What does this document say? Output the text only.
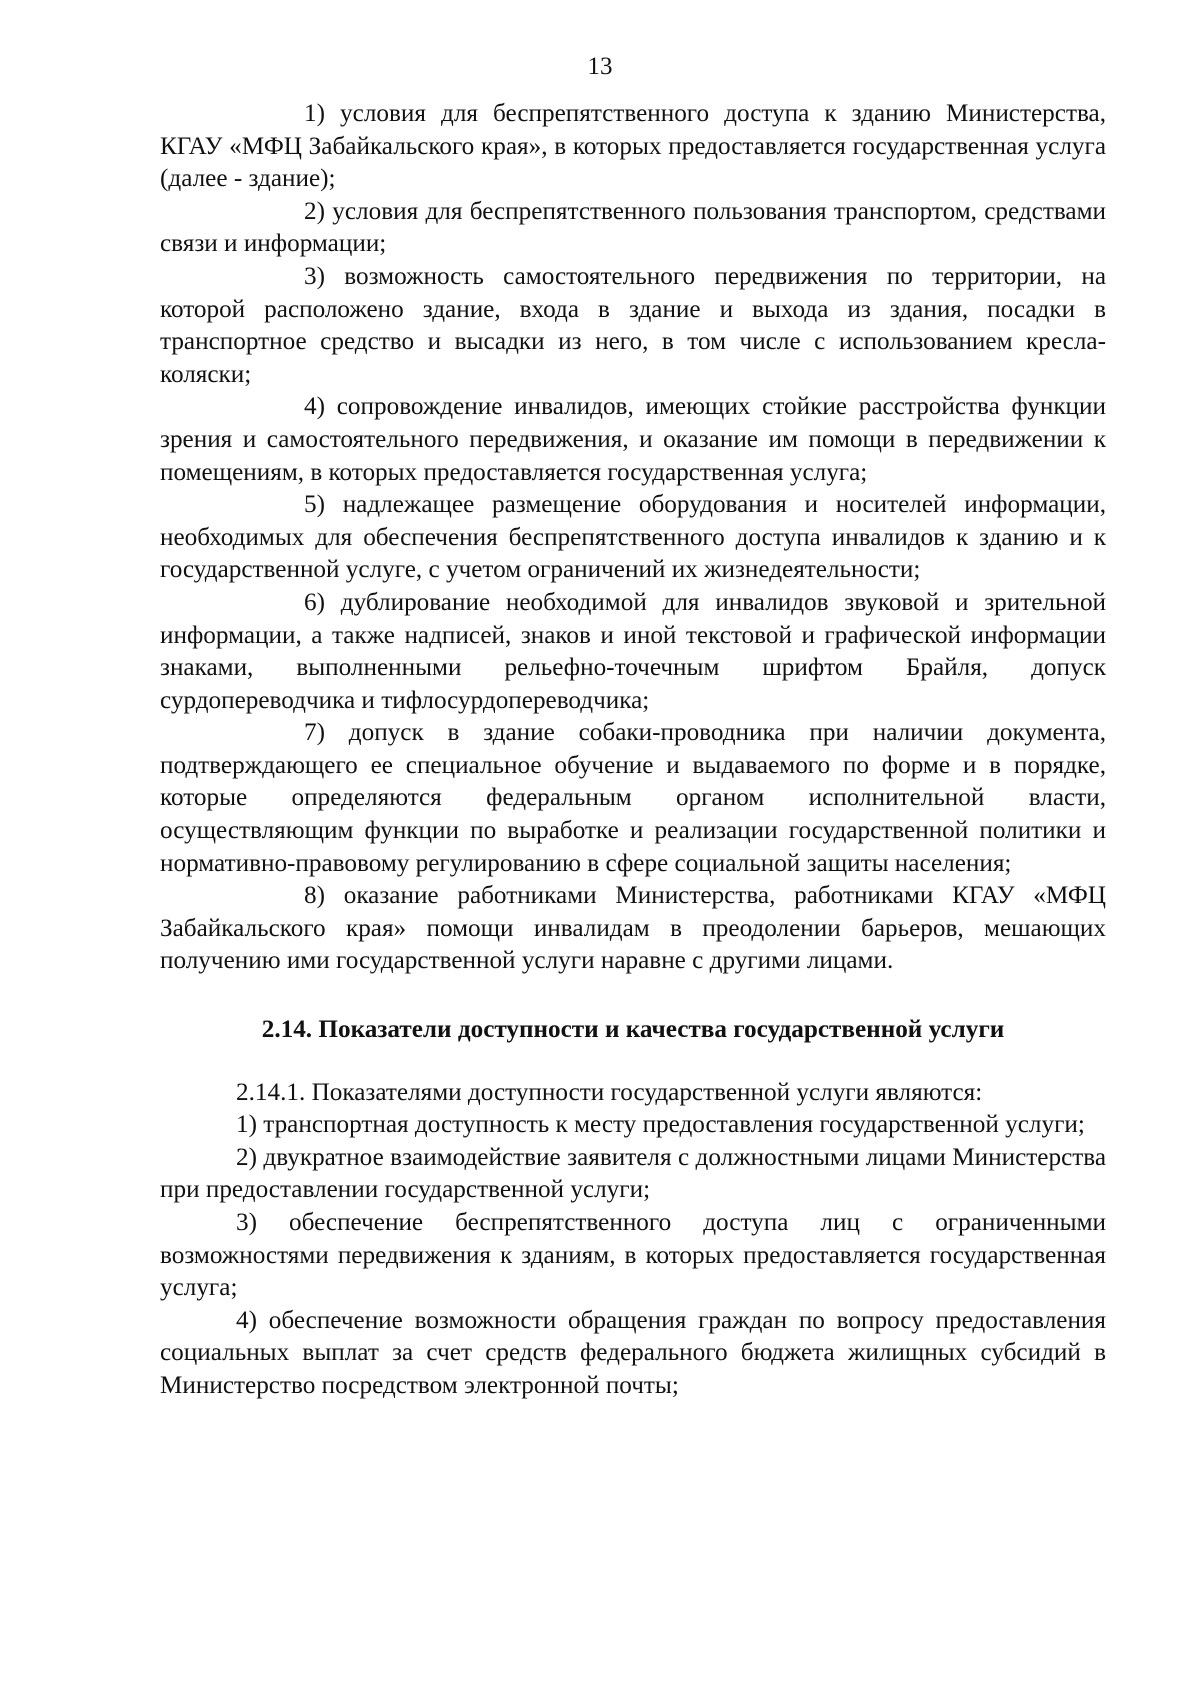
13

1) условия для беспрепятственного доступа к зданию Министерства, КГАУ «МФЦ Забайкальского края», в которых предоставляется государственная услуга (далее - здание);

2) условия для беспрепятственного пользования транспортом, средствами связи и информации;

3) возможность самостоятельного передвижения по территории, на которой расположено здание, входа в здание и выхода из здания, посадки в транспортное средство и высадки из него, в том числе с использованием кресла-коляски;

4) сопровождение инвалидов, имеющих стойкие расстройства функции зрения и самостоятельного передвижения, и оказание им помощи в передвижении к помещениям, в которых предоставляется государственная услуга;

5) надлежащее размещение оборудования и носителей информации, необходимых для обеспечения беспрепятственного доступа инвалидов к зданию и к государственной услуге, с учетом ограничений их жизнедеятельности;

6) дублирование необходимой для инвалидов звуковой и зрительной информации, а также надписей, знаков и иной текстовой и графической информации знаками, выполненными рельефно-точечным шрифтом Брайля, допуск сурдопереводчика и тифлосурдопереводчика;

7) допуск в здание собаки-проводника при наличии документа, подтверждающего ее специальное обучение и выдаваемого по форме и в порядке, которые определяются федеральным органом исполнительной власти, осуществляющим функции по выработке и реализации государственной политики и нормативно-правовому регулированию в сфере социальной защиты населения;

8) оказание работниками Министерства, работниками КГАУ «МФЦ Забайкальского края» помощи инвалидам в преодолении барьеров, мешающих получению ими государственной услуги наравне с другими лицами.

2.14. Показатели доступности и качества государственной услуги

2.14.1. Показателями доступности государственной услуги являются:

1) транспортная доступность к месту предоставления государственной услуги;

2) двукратное взаимодействие заявителя с должностными лицами Министерства при предоставлении государственной услуги;

3) обеспечение беспрепятственного доступа лиц с ограниченными возможностями передвижения к зданиям, в которых предоставляется государственная услуга;

4) обеспечение возможности обращения граждан по вопросу предоставления социальных выплат за счет средств федерального бюджета жилищных субсидий в Министерство посредством электронной почты;
